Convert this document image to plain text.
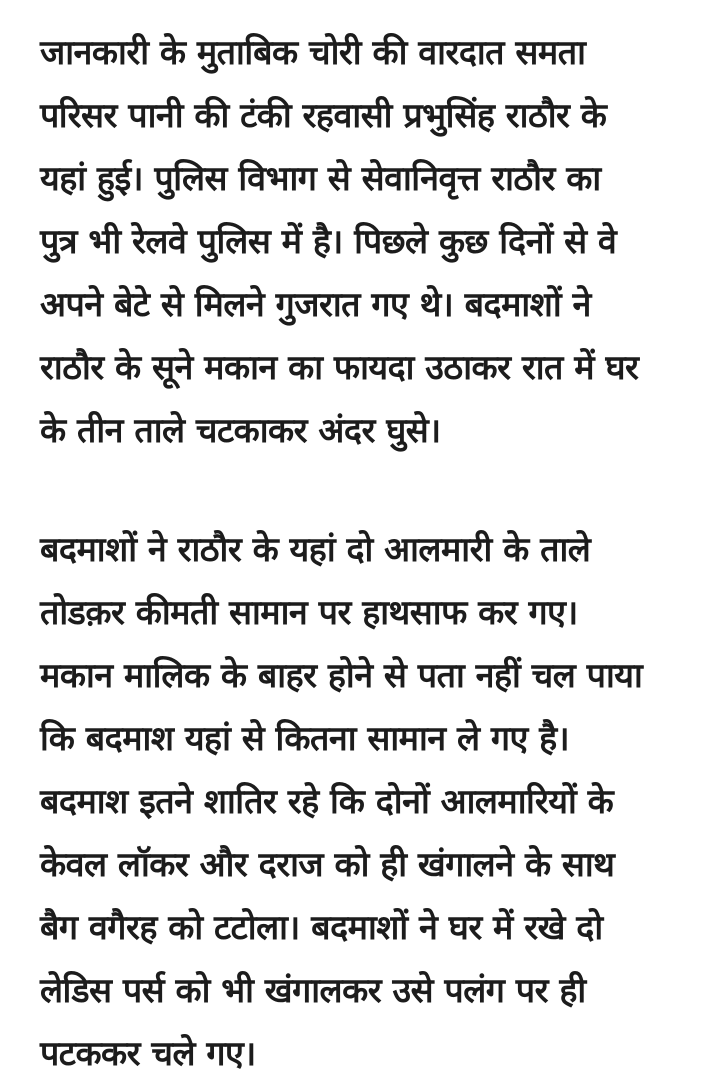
जानकारी के मुताबिक चोरी की वारदात समता
परिसर पानी की टंकी रहवासी प्रभुसिंह राठौर के
यहां हुई। पुलिस विभाग से सेवानिवृत्त राठौर का
पुत्र भी रेलवे पुलिस में है। पिछले कुछ दिनों से वे
अपने बेटे से मिलने गुजरात गए थे। बदमाशों ने
राठौर के सूने मकान का फायदा उठाकर रात में घर
के तीन ताले चटकाकर अंदर घुसे।
बदमाशों ने राठौर के यहां दो आलमारी के ताले
तोडक़र कीमती सामान पर हाथसाफ कर गए।
मकान मालिक के बाहर होने से पता नहीं चल पाया
कि बदमाश यहां से कितना सामान ले गए है।
बदमाश इतने शातिर रहे कि दोनों आलमारियों के
केवल लॉकर और दराज को ही खंगालने के साथ
बैग वगैरह को टटोला। बदमाशों ने घर में रखे दो
लेडिस पर्स को भी खंगालकर उसे पलंग पर ही
पटककर चले गए।
